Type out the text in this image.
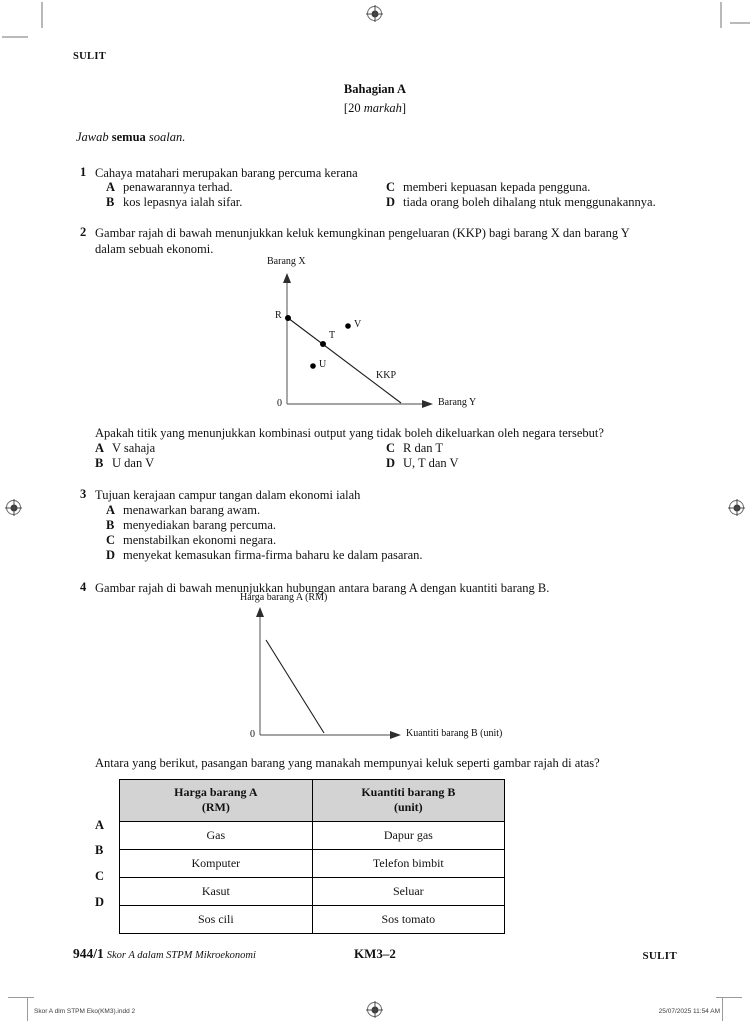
SULIT
Bahagian A
[20 markah]
Jawab semua soalan.
1 Cahaya matahari merupakan barang percuma kerana
A penawarannya terhad.
B kos lepasnya ialah sifar.
C memberi kepuasan kepada pengguna.
D tiada orang boleh dihalang ntuk menggunakannya.
2 Gambar rajah di bawah menunjukkan keluk kemungkinan pengeluaran (KKP) bagi barang X dan barang Y
dalam sebuah ekonomi.
Barang X
Barang Y
0
KKP
R
T
U
V
Apakah titik yang menunjukkan kombinasi output yang tidak boleh dikeluarkan oleh negara tersebut?
A V sahaja
B U dan V
C R dan T
D U, T dan V
3 Tujuan kerajaan campur tangan dalam ekonomi ialah
A menawarkan barang awam.
B menyediakan barang percuma.
C menstabilkan ekonomi negara.
D menyekat kemasukan firma-firma baharu ke dalam pasaran.
4 Gambar rajah di bawah menunjukkan hubungan antara barang A dengan kuantiti barang B.
Harga barang A (RM)
Kuantiti barang B (unit)
0
Antara yang berikut, pasangan barang yang manakah mempunyai keluk seperti gambar rajah di atas?
A
B
C
D
Harga barang A
(RM)

Kuantiti barang B
(unit)

Gas	Dapur gas
Komputer	Telefon bimbit
Kasut	Seluar
Sos cili	Sos tomato
944/1 Skor A dalam STPM Mikroekonomi	KM3–2	SULIT
Skor A dlm STPM Eko(KM3).indd 2	25/07/2025 11:54 AM
